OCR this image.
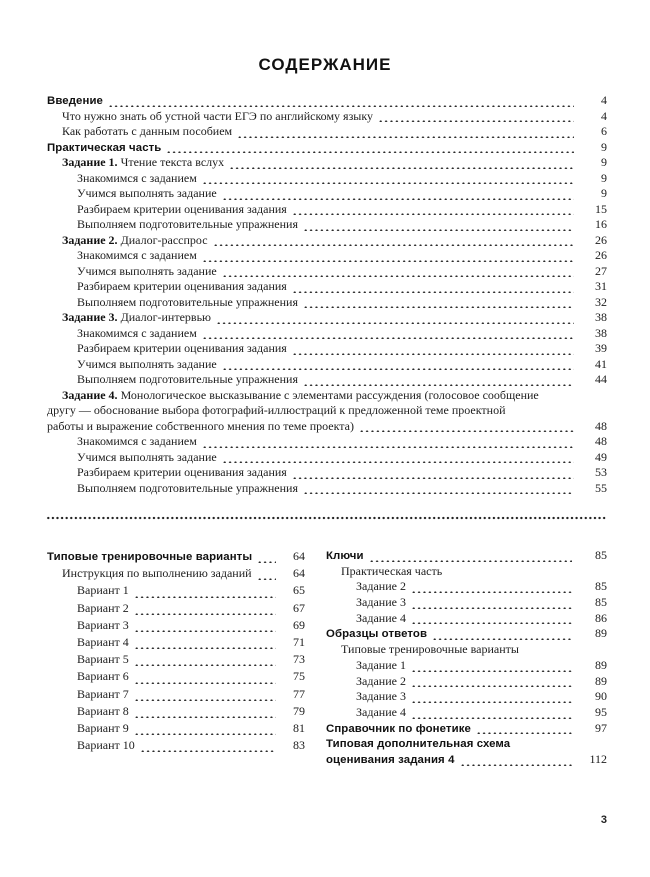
СОДЕРЖАНИЕ
Введение	4
Что нужно знать об устной части ЕГЭ по английскому языку	4
Как работать с данным пособием	6
Практическая часть	9
Задание 1. Чтение текста вслух	9
Знакомимся с заданием	9
Учимся выполнять задание	9
Разбираем критерии оценивания задания	15
Выполняем подготовительные упражнения	16
Задание 2. Диалог-расспрос	26
Знакомимся с заданием	26
Учимся выполнять задание	27
Разбираем критерии оценивания задания	31
Выполняем подготовительные упражнения	32
Задание 3. Диалог-интервью	38
Знакомимся с заданием	38
Разбираем критерии оценивания задания	39
Учимся выполнять задание	41
Выполняем подготовительные упражнения	44
Задание 4. Монологическое высказывание с элементами рассуждения (голосовое сообщение
другу — обоснование выбора фотографий-иллюстраций к предложенной теме проектной
работы и выражение собственного мнения по теме проекта)	48
Знакомимся с заданием	48
Учимся выполнять задание	49
Разбираем критерии оценивания задания	53
Выполняем подготовительные упражнения	55
Типовые тренировочные варианты	64
Инструкция по выполнению заданий	64
Вариант 1	65
Вариант 2	67
Вариант 3	69
Вариант 4	71
Вариант 5	73
Вариант 6	75
Вариант 7	77
Вариант 8	79
Вариант 9	81
Вариант 10	83
Ключи	85
Практическая часть
Задание 2	85
Задание 3	85
Задание 4	86
Образцы ответов	89
Типовые тренировочные варианты
Задание 1	89
Задание 2	89
Задание 3	90
Задание 4	95
Справочник по фонетике	97
Типовая дополнительная схема
оценивания задания 4	112
3
